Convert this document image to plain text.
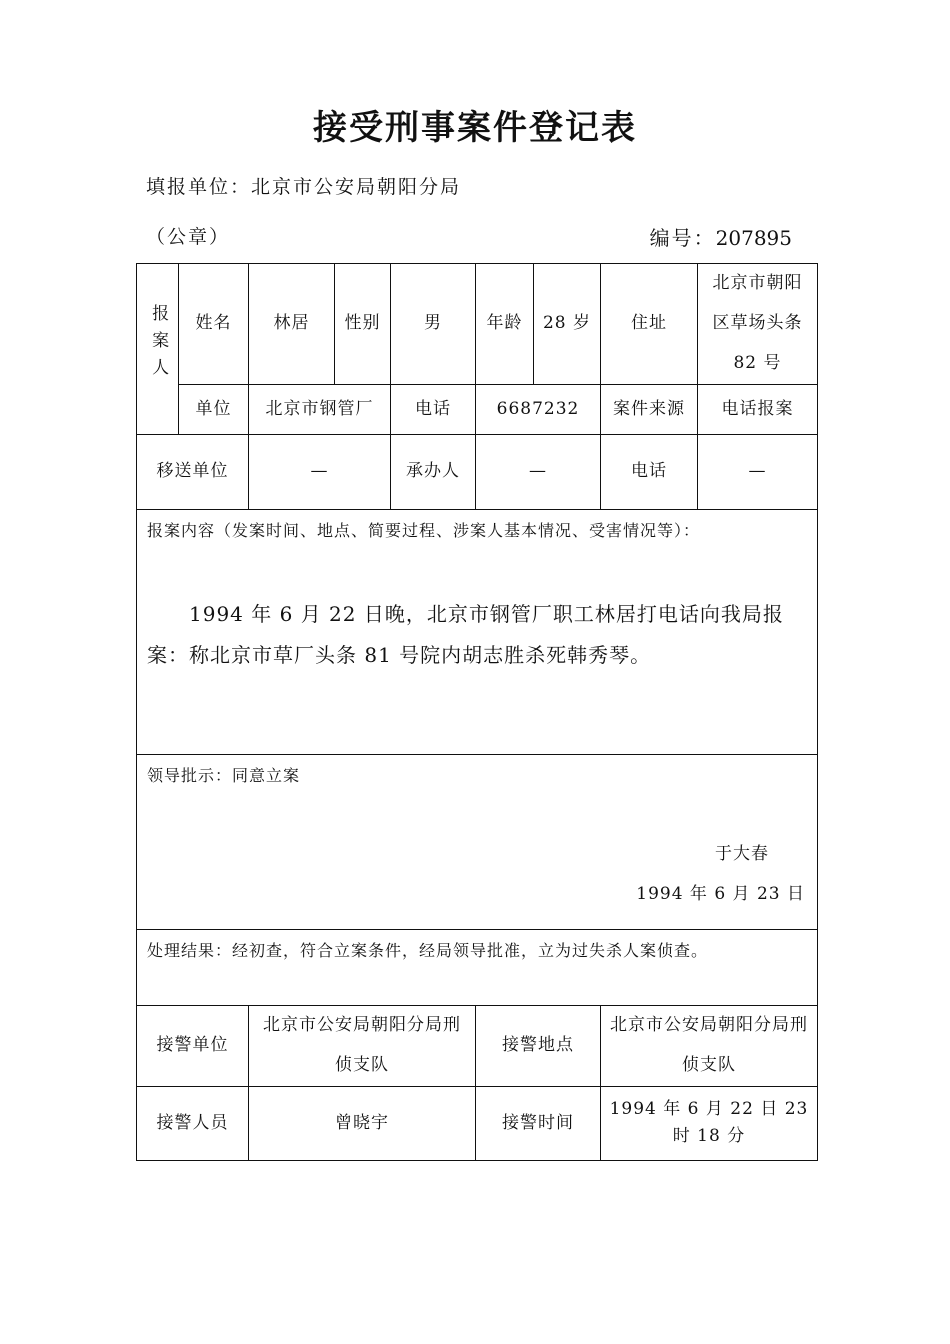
接受刑事案件登记表
填报单位：北京市公安局朝阳分局
（公章）	编号：207895
报案人	姓名	林居	性别	男	年龄	28 岁	住址	北京市朝阳区草场头条 82 号
	单位	北京市钢管厂		电话	6687232		案件来源	电话报案
移送单位		—		承办人	—		电话	—

报案内容（发案时间、地点、简要过程、涉案人基本情况、受害情况等）：
1994 年 6 月 22 日晚，北京市钢管厂职工林居打电话向我局报案：称北京市草厂头条 81 号院内胡志胜杀死韩秀琴。								

领导批示：同意立案
于大春
1994 年 6 月 23 日								

处理结果：经初查，符合立案条件，经局领导批准，立为过失杀人案侦查。								

接警单位		北京市公安局朝阳分局刑侦支队			接警地点		北京市公安局朝阳分局刑侦支队	
接警人员		曾晓宇			接警时间		1994 年 6 月 22 日 23 时 18 分	
